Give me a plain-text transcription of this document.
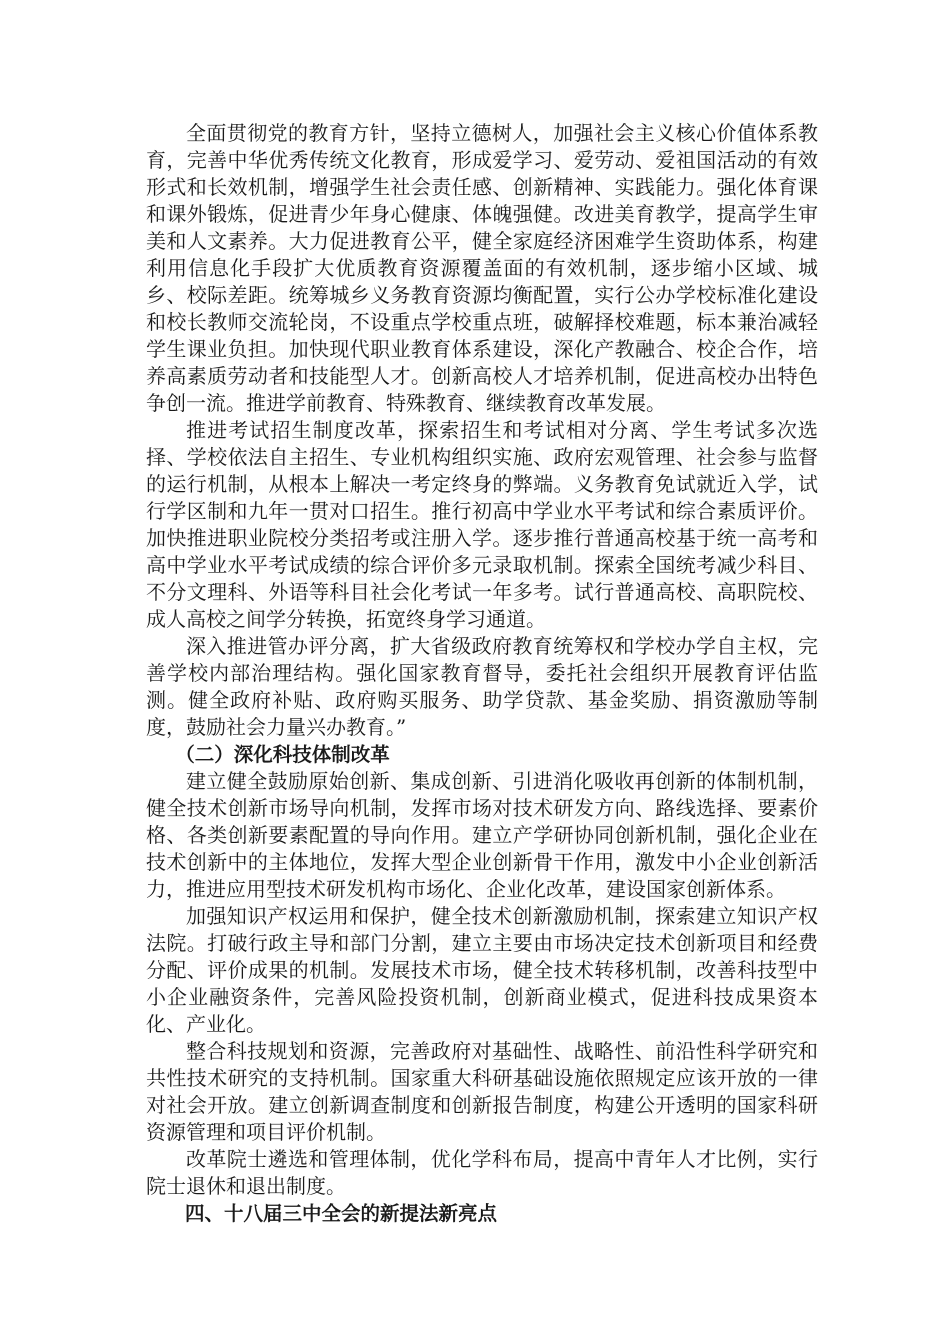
全面贯彻党的教育方针，坚持立德树人，加强社会主义核心价值体系教育，完善中华优秀传统文化教育，形成爱学习、爱劳动、爱祖国活动的有效形式和长效机制，增强学生社会责任感、创新精神、实践能力。强化体育课和课外锻炼，促进青少年身心健康、体魄强健。改进美育教学，提高学生审美和人文素养。大力促进教育公平，健全家庭经济困难学生资助体系，构建利用信息化手段扩大优质教育资源覆盖面的有效机制，逐步缩小区域、城乡、校际差距。统筹城乡义务教育资源均衡配置，实行公办学校标准化建设和校长教师交流轮岗，不设重点学校重点班，破解择校难题，标本兼治减轻学生课业负担。加快现代职业教育体系建设，深化产教融合、校企合作，培养高素质劳动者和技能型人才。创新高校人才培养机制，促进高校办出特色争创一流。推进学前教育、特殊教育、继续教育改革发展。

推进考试招生制度改革，探索招生和考试相对分离、学生考试多次选择、学校依法自主招生、专业机构组织实施、政府宏观管理、社会参与监督的运行机制，从根本上解决一考定终身的弊端。义务教育免试就近入学，试行学区制和九年一贯对口招生。推行初高中学业水平考试和综合素质评价。加快推进职业院校分类招考或注册入学。逐步推行普通高校基于统一高考和高中学业水平考试成绩的综合评价多元录取机制。探索全国统考减少科目、不分文理科、外语等科目社会化考试一年多考。试行普通高校、高职院校、成人高校之间学分转换，拓宽终身学习通道。

深入推进管办评分离，扩大省级政府教育统筹权和学校办学自主权，完善学校内部治理结构。强化国家教育督导，委托社会组织开展教育评估监测。健全政府补贴、政府购买服务、助学贷款、基金奖励、捐资激励等制度，鼓励社会力量兴办教育。”

（二）深化科技体制改革

建立健全鼓励原始创新、集成创新、引进消化吸收再创新的体制机制，健全技术创新市场导向机制，发挥市场对技术研发方向、路线选择、要素价格、各类创新要素配置的导向作用。建立产学研协同创新机制，强化企业在技术创新中的主体地位，发挥大型企业创新骨干作用，激发中小企业创新活力，推进应用型技术研发机构市场化、企业化改革，建设国家创新体系。

加强知识产权运用和保护，健全技术创新激励机制，探索建立知识产权法院。打破行政主导和部门分割，建立主要由市场决定技术创新项目和经费分配、评价成果的机制。发展技术市场，健全技术转移机制，改善科技型中小企业融资条件，完善风险投资机制，创新商业模式，促进科技成果资本化、产业化。

整合科技规划和资源，完善政府对基础性、战略性、前沿性科学研究和共性技术研究的支持机制。国家重大科研基础设施依照规定应该开放的一律对社会开放。建立创新调查制度和创新报告制度，构建公开透明的国家科研资源管理和项目评价机制。

改革院士遴选和管理体制，优化学科布局，提高中青年人才比例，实行院士退休和退出制度。

四、十八届三中全会的新提法新亮点
